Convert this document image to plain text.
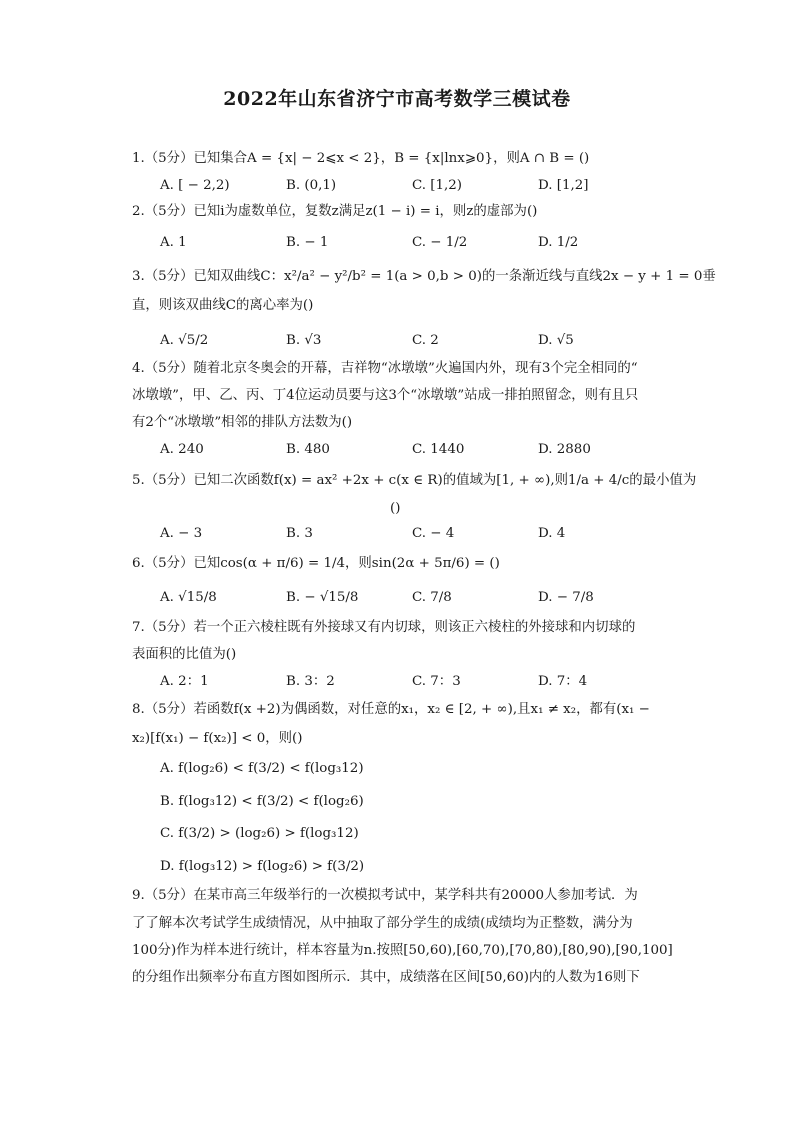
2022年山东省济宁市高考数学三模试卷
1.（5分）已知集合A = {x| − 2⩽x < 2}，B = {x|lnx⩾0}，则A ∩ B = ()
A. [ − 2,2)	B. (0,1)	C. [1,2)	D. [1,2]
2.（5分）已知i为虚数单位，复数z满足z(1 − i) = i，则z的虚部为()
A. 1	B. − 1	C. − 1/2	D. 1/2
3.（5分）已知双曲线C：x²/a² − y²/b² = 1(a > 0,b > 0)的一条渐近线与直线2x − y + 1 = 0垂
直，则该双曲线C的离心率为()
A. √5/2	B. √3	C. 2	D. √5
4.（5分）随着北京冬奥会的开幕，吉祥物“冰墩墩”火遍国内外，现有3个完全相同的“
冰墩墩”，甲、乙、丙、丁4位运动员要与这3个“冰墩墩”站成一排拍照留念，则有且只
有2个“冰墩墩”相邻的排队方法数为()
A. 240	B. 480	C. 1440	D. 2880
5.（5分）已知二次函数f(x) = ax² +2x + c(x ∈ R)的值域为[1, + ∞),则1/a + 4/c的最小值为
()
A. − 3	B. 3	C. − 4	D. 4
6.（5分）已知cos(α + π/6) = 1/4，则sin(2α + 5π/6) = ()
A. √15/8	B. − √15/8	C. 7/8	D. − 7/8
7.（5分）若一个正六棱柱既有外接球又有内切球，则该正六棱柱的外接球和内切球的
表面积的比值为()
A. 2：1	B. 3：2	C. 7：3	D. 7：4
8.（5分）若函数f(x +2)为偶函数，对任意的x₁，x₂ ∈ [2, + ∞),且x₁ ≠ x₂，都有(x₁ −
x₂)[f(x₁) − f(x₂)] < 0，则()
A. f(log₂6) < f(3/2) < f(log₃12)
B. f(log₃12) < f(3/2) < f(log₂6)
C. f(3/2) > (log₂6) > f(log₃12)
D. f(log₃12) > f(log₂6) > f(3/2)
9.（5分）在某市高三年级举行的一次模拟考试中，某学科共有20000人参加考试．为
了了解本次考试学生成绩情况，从中抽取了部分学生的成绩(成绩均为正整数，满分为
100分)作为样本进行统计，样本容量为n.按照[50,60),[60,70),[70,80),[80,90),[90,100]
的分组作出频率分布直方图如图所示．其中，成绩落在区间[50,60)内的人数为16则下
